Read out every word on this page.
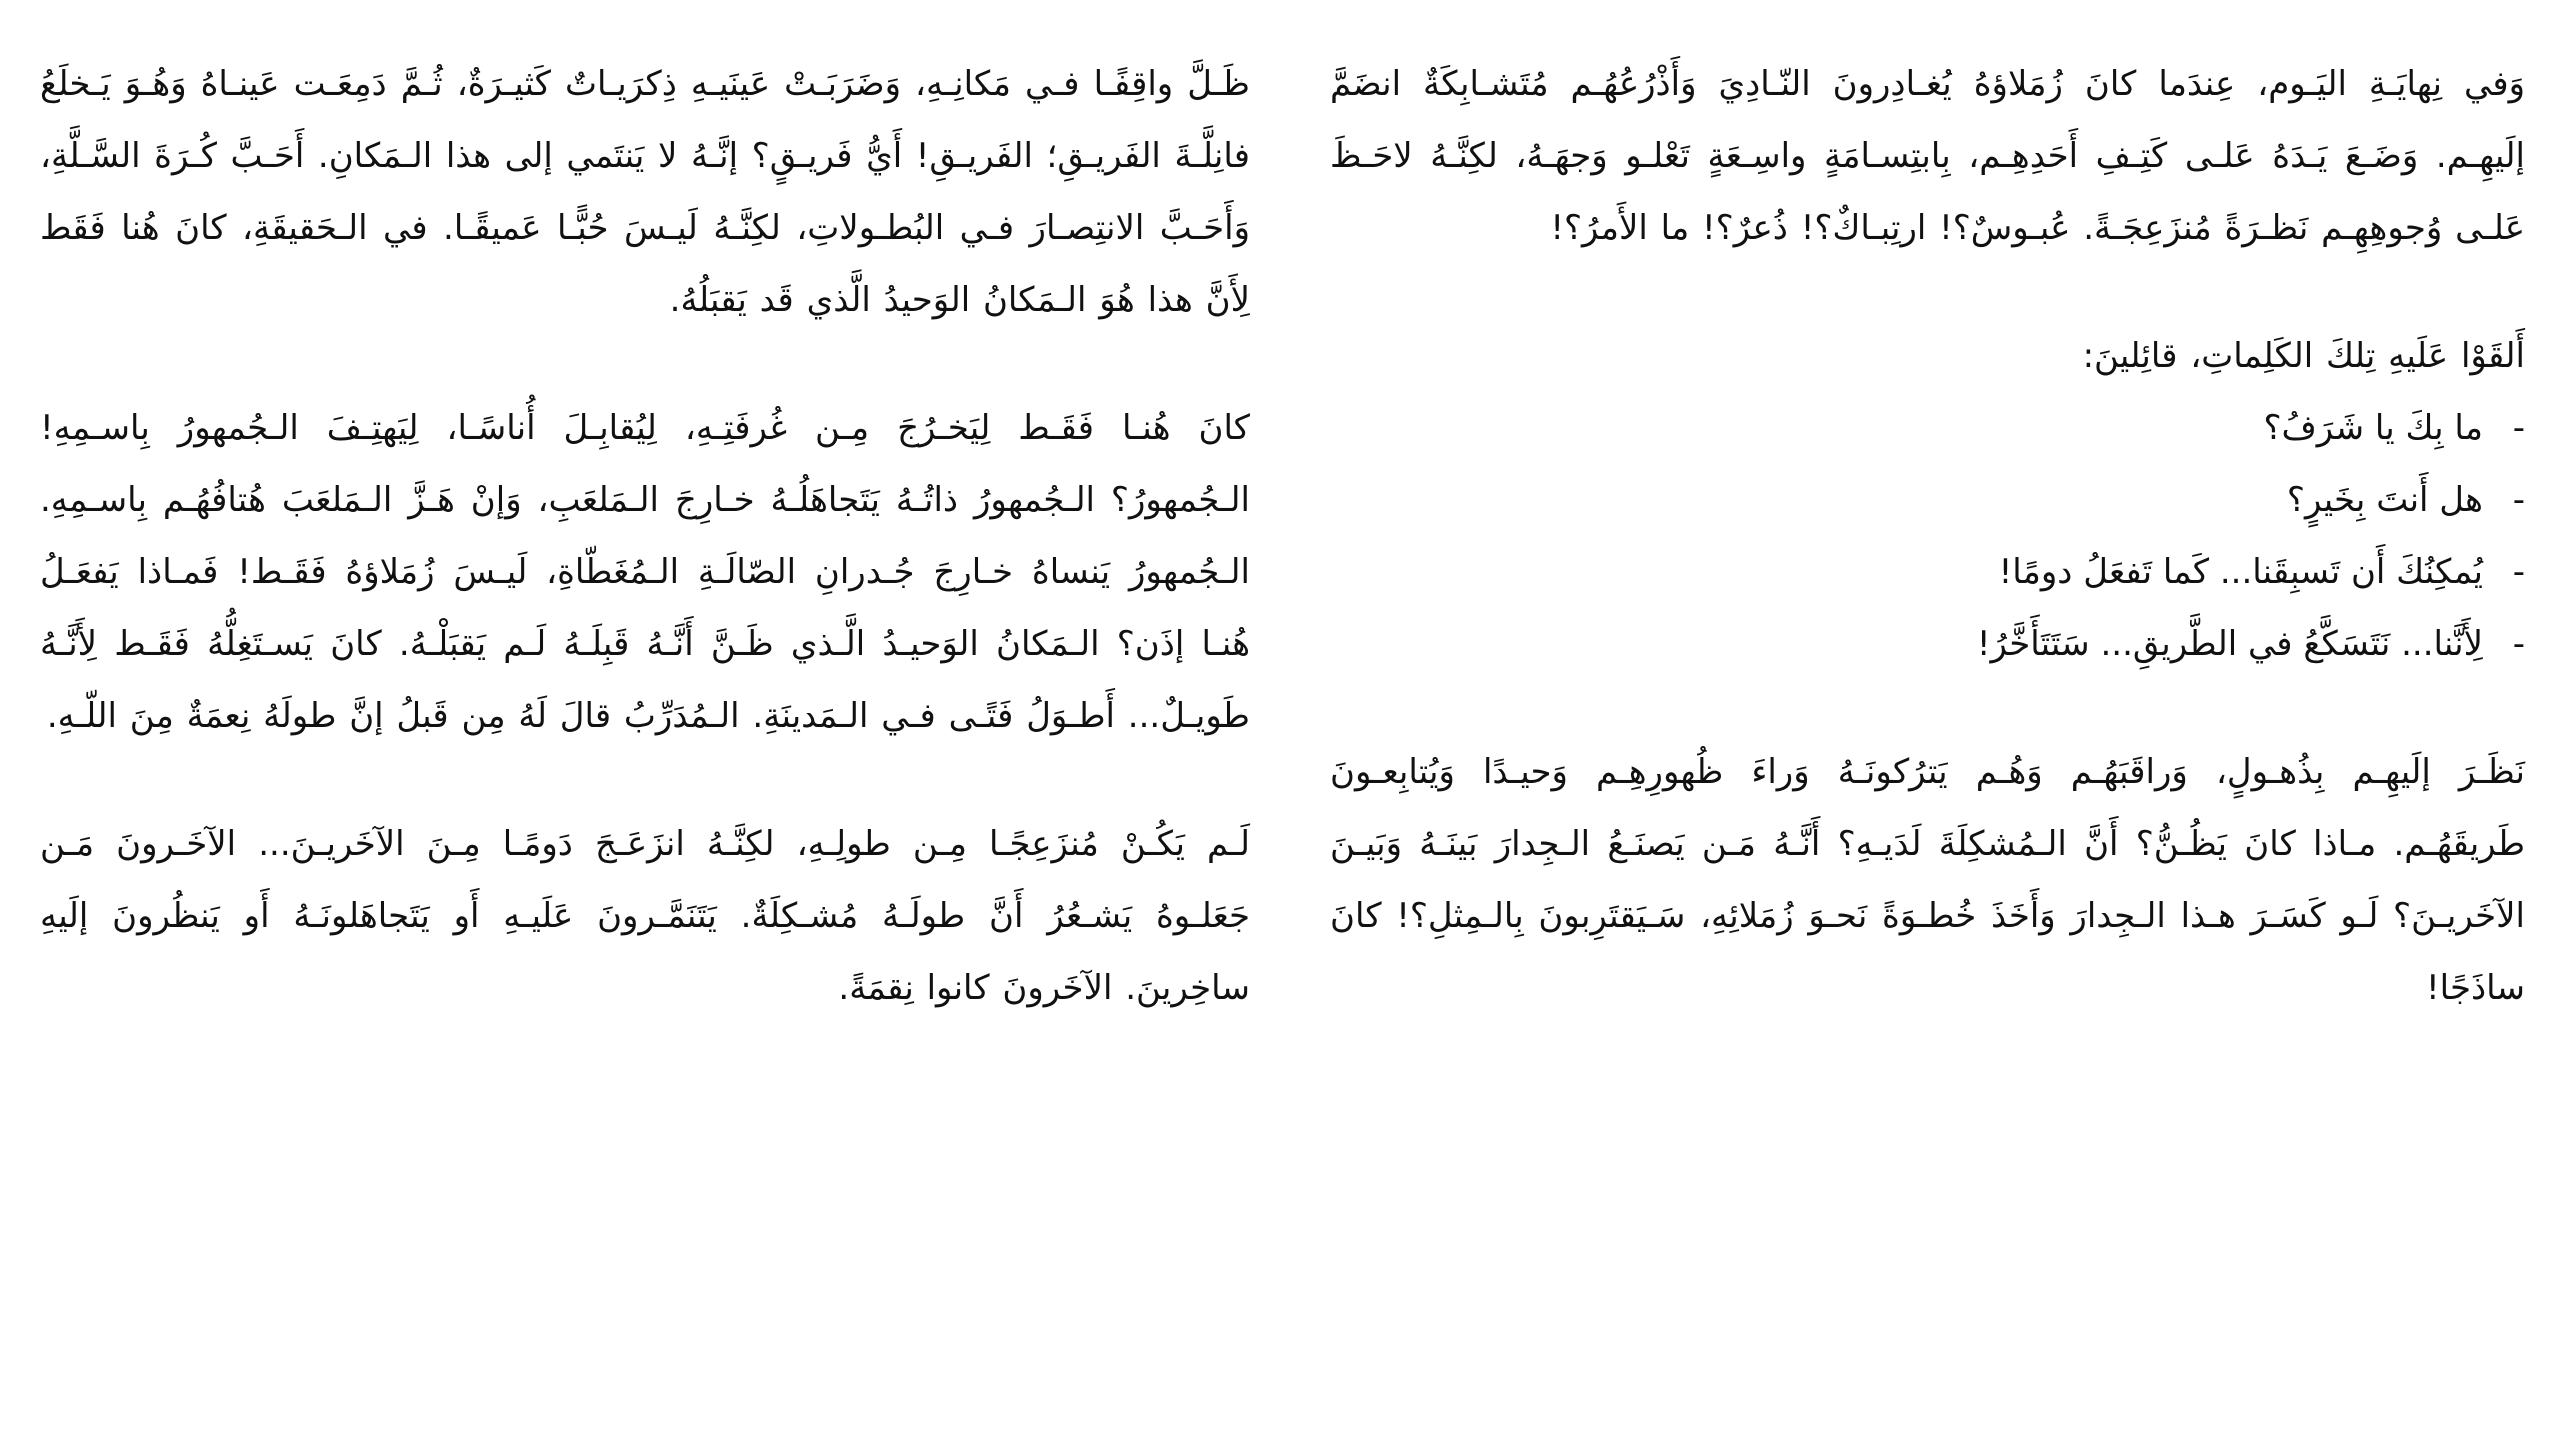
وَفي نِهايَـةِ اليَـوم، عِندَما كانَ زُمَلاؤهُ يُغـادِرونَ النّـادِيَ وَأَذْرُعُهُـم مُتَشـابِكَةٌ انضَمَّ إلَيهِـم. وَضَـعَ يَـدَهُ عَلـى كَتِـفِ أَحَدِهِـم، بِابتِسـامَةٍ واسِـعَةٍ تَعْلـو وَجهَـهُ، لكِنَّـهُ لاحَـظَ عَلـى وُجوهِهِـم نَظـرَةً مُنزَعِجَـةً. عُبـوسٌ؟! ارتِبـاكٌ؟! ذُعرٌ؟! ما الأَمرُ؟!

أَلقَوْا عَلَيهِ تِلكَ الكَلِماتِ، قائِلينَ:

-ما بِكَ يا شَرَفُ؟
-هل أَنتَ بِخَيرٍ؟
-يُمكِنُكَ أَن تَسبِقَنا... كَما تَفعَلُ دومًا!
-لِأَنَّنا... نَتَسَكَّعُ في الطَّريقِ... سَتَتَأَخَّرُ!

نَظَـرَ إلَيهِـم بِذُهـولٍ، وَراقَبَهُـم وَهُـم يَترُكونَـهُ وَراءَ ظُهورِهِـم وَحيـدًا وَيُتابِعـونَ طَريقَهُـم. مـاذا كانَ يَظُـنُّ؟ أَنَّ الـمُشكِلَةَ لَدَيـهِ؟ أَنَّـهُ مَـن يَصنَـعُ الـجِدارَ بَينَـهُ وَبَيـنَ الآخَريـنَ؟ لَـو كَسَـرَ هـذا الـجِدارَ وَأَخَذَ خُطـوَةً نَحـوَ زُمَلائِهِ، سَـيَقتَرِبونَ بِالـمِثلِ؟! كانَ ساذَجًا!

ظَـلَّ واقِفًـا فـي مَكانِـهِ، وَضَرَبَـتْ عَينَيـهِ ذِكرَيـاتٌ كَثيـرَةٌ، ثُـمَّ دَمِعَـت عَينـاهُ وَهُـوَ يَـخلَعُ فانِلَّـةَ الفَريـقِ؛ الفَريـقِ! أَيُّ فَريـقٍ؟ إنَّـهُ لا يَنتَمي إلى هذا الـمَكانِ. أَحَـبَّ كُـرَةَ السَّـلَّةِ، وَأَحَـبَّ الانتِصـارَ فـي البُطـولاتِ، لكِنَّـهُ لَيـسَ حُبًّـا عَميقًـا. في الـحَقيقَةِ، كانَ هُنا فَقَط لِأَنَّ هذا هُوَ الـمَكانُ الوَحيدُ الَّذي قَد يَقبَلُهُ.

كانَ هُنـا فَقَـط لِيَخـرُجَ مِـن غُرفَتِـهِ، لِيُقابِـلَ أُناسًـا، لِيَهتِـفَ الـجُمهورُ بِاسـمِهِ! الـجُمهورُ؟ الـجُمهورُ ذاتُـهُ يَتَجاهَلُـهُ خـارِجَ الـمَلعَبِ، وَإنْ هَـزَّ الـمَلعَبَ هُتافُهُـم بِاسـمِهِ. الـجُمهورُ يَنساهُ خـارِجَ جُـدرانِ الصّالَـةِ الـمُغَطّاةِ، لَيـسَ زُمَلاؤهُ فَقَـط! فَمـاذا يَفعَـلُ هُنـا إذَن؟ الـمَكانُ الوَحيـدُ الَّـذي ظَـنَّ أَنَّـهُ قَبِلَـهُ لَـم يَقبَلْـهُ. كانَ يَسـتَغِلُّهُ فَقَـط لِأَنَّـهُ طَويـلٌ... أَطـوَلُ فَتًـى فـي الـمَدينَةِ. الـمُدَرِّبُ قالَ لَهُ مِن قَبلُ إنَّ طولَهُ نِعمَةٌ مِنَ اللّـهِ.

لَـم يَكُـنْ مُنزَعِجًـا مِـن طولِـهِ، لكِنَّـهُ انزَعَـجَ دَومًـا مِـنَ الآخَريـنَ... الآخَـرونَ مَـن جَعَلـوهُ يَشـعُرُ أَنَّ طولَـهُ مُشـكِلَةٌ. يَتَنَمَّـرونَ عَلَيـهِ أَو يَتَجاهَلونَـهُ أَو يَنظُرونَ إلَيهِ ساخِرينَ. الآخَرونَ كانوا نِقمَةً.
